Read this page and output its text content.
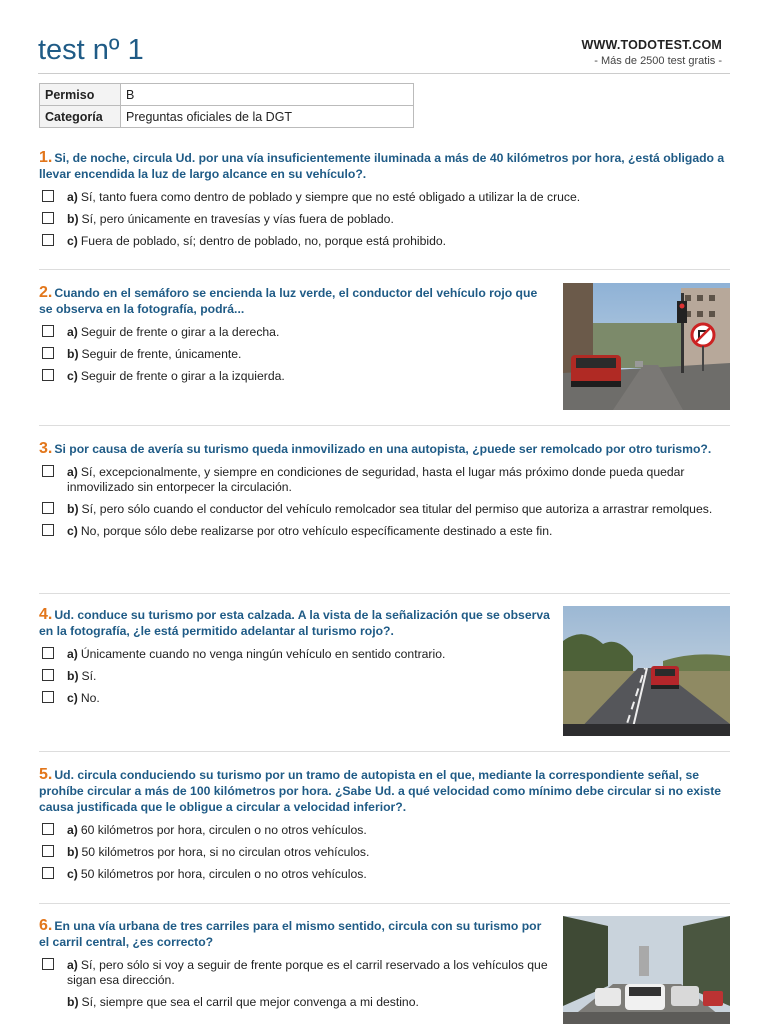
test nº 1	WWW.TODOTEST.COM
- Más de 2500 test gratis -
Permiso	B
Categoría	Preguntas oficiales de la DGT
1. Si, de noche, circula Ud. por una vía insuficientemente iluminada a más de 40 kilómetros por hora, ¿está obligado a llevar encendida la luz de largo alcance en su vehículo?.
a) Sí, tanto fuera como dentro de poblado y siempre que no esté obligado a utilizar la de cruce.
b) Sí, pero únicamente en travesías y vías fuera de poblado.
c) Fuera de poblado, sí; dentro de poblado, no, porque está prohibido.
2. Cuando en el semáforo se encienda la luz verde, el conductor del vehículo rojo que se observa en la fotografía, podrá...
a) Seguir de frente o girar a la derecha.
b) Seguir de frente, únicamente.
c) Seguir de frente o girar a la izquierda.
3. Si por causa de avería su turismo queda inmovilizado en una autopista, ¿puede ser remolcado por otro turismo?.
a) Sí, excepcionalmente, y siempre en condiciones de seguridad, hasta el lugar más próximo donde pueda quedar inmovilizado sin entorpecer la circulación.
b) Sí, pero sólo cuando el conductor del vehículo remolcador sea titular del permiso que autoriza a arrastrar remolques.
c) No, porque sólo debe realizarse por otro vehículo específicamente destinado a este fin.
4. Ud. conduce su turismo por esta calzada. A la vista de la señalización que se observa en la fotografía, ¿le está permitido adelantar al turismo rojo?.
a) Únicamente cuando no venga ningún vehículo en sentido contrario.
b) Sí.
c) No.
5. Ud. circula conduciendo su turismo por un tramo de autopista en el que, mediante la correspondiente señal, se prohíbe circular a más de 100 kilómetros por hora. ¿Sabe Ud. a qué velocidad como mínimo debe circular si no existe causa justificada que le obligue a circular a velocidad inferior?.
a) 60 kilómetros por hora, circulen o no otros vehículos.
b) 50 kilómetros por hora, si no circulan otros vehículos.
c) 50 kilómetros por hora, circulen o no otros vehículos.
6. En una vía urbana de tres carriles para el mismo sentido, circula con su turismo por el carril central, ¿es correcto?
a) Sí, pero sólo si voy a seguir de frente porque es el carril reservado a los vehículos que sigan esa dirección.
b) Sí, siempre que sea el carril que mejor convenga a mi destino.
